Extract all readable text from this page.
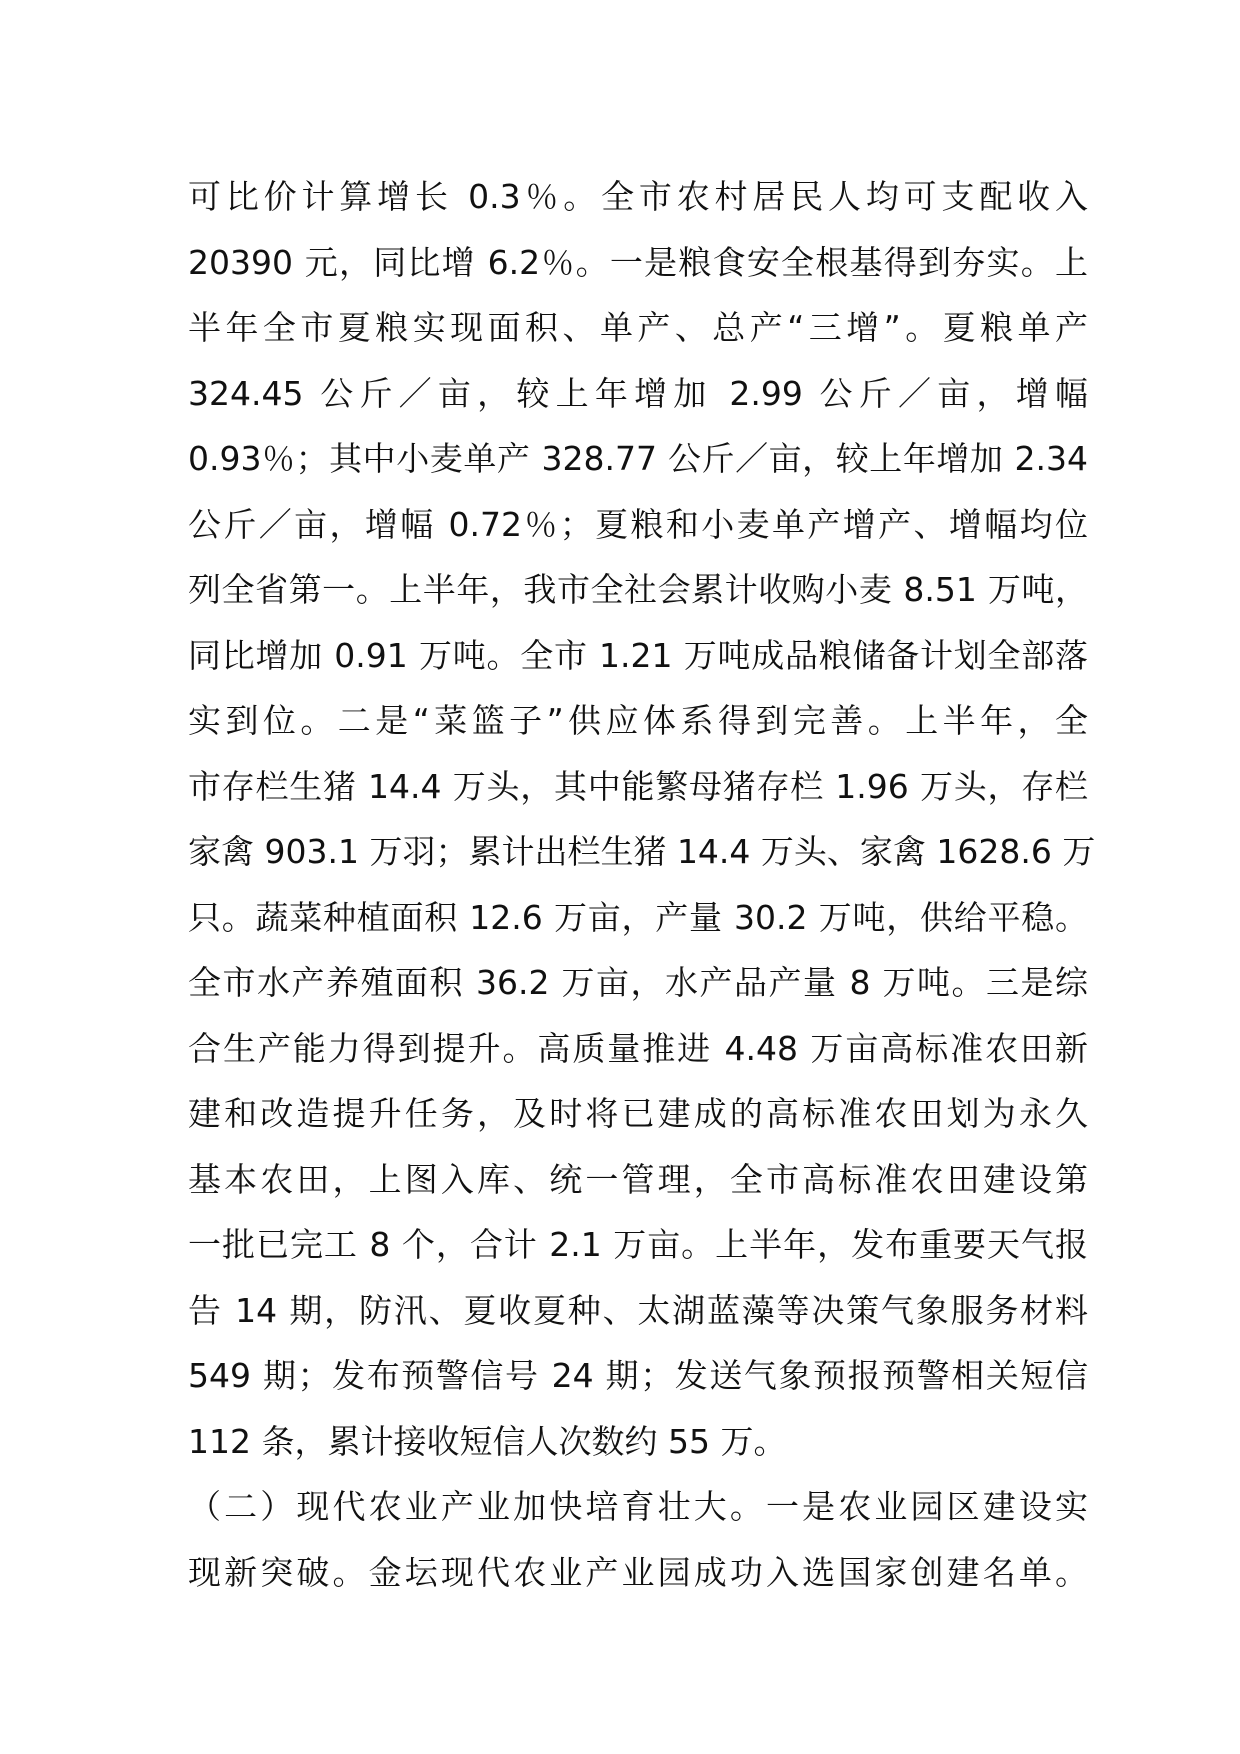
可比价计算增长 0.3％。全市农村居民人均可支配收入
20390 元，同比增 6.2％。一是粮食安全根基得到夯实。上
半年全市夏粮实现面积、单产、总产“三增”。夏粮单产
324.45 公斤／亩，较上年增加 2.99 公斤／亩，增幅
0.93％；其中小麦单产 328.77 公斤／亩，较上年增加 2.34
公斤／亩，增幅 0.72％；夏粮和小麦单产增产、增幅均位
列全省第一。上半年，我市全社会累计收购小麦 8.51 万吨，
同比增加 0.91 万吨。全市 1.21 万吨成品粮储备计划全部落
实到位。二是“菜篮子”供应体系得到完善。上半年，全
市存栏生猪 14.4 万头，其中能繁母猪存栏 1.96 万头，存栏
家禽 903.1 万羽；累计出栏生猪 14.4 万头、家禽 1628.6 万
只。蔬菜种植面积 12.6 万亩，产量 30.2 万吨，供给平稳。
全市水产养殖面积 36.2 万亩，水产品产量 8 万吨。三是综
合生产能力得到提升。高质量推进 4.48 万亩高标准农田新
建和改造提升任务，及时将已建成的高标准农田划为永久
基本农田，上图入库、统一管理，全市高标准农田建设第
一批已完工 8 个，合计 2.1 万亩。上半年，发布重要天气报
告 14 期，防汛、夏收夏种、太湖蓝藻等决策气象服务材料
549 期；发布预警信号 24 期；发送气象预报预警相关短信
112 条，累计接收短信人次数约 55 万。
（二）现代农业产业加快培育壮大。一是农业园区建设实
现新突破。金坛现代农业产业园成功入选国家创建名单。
